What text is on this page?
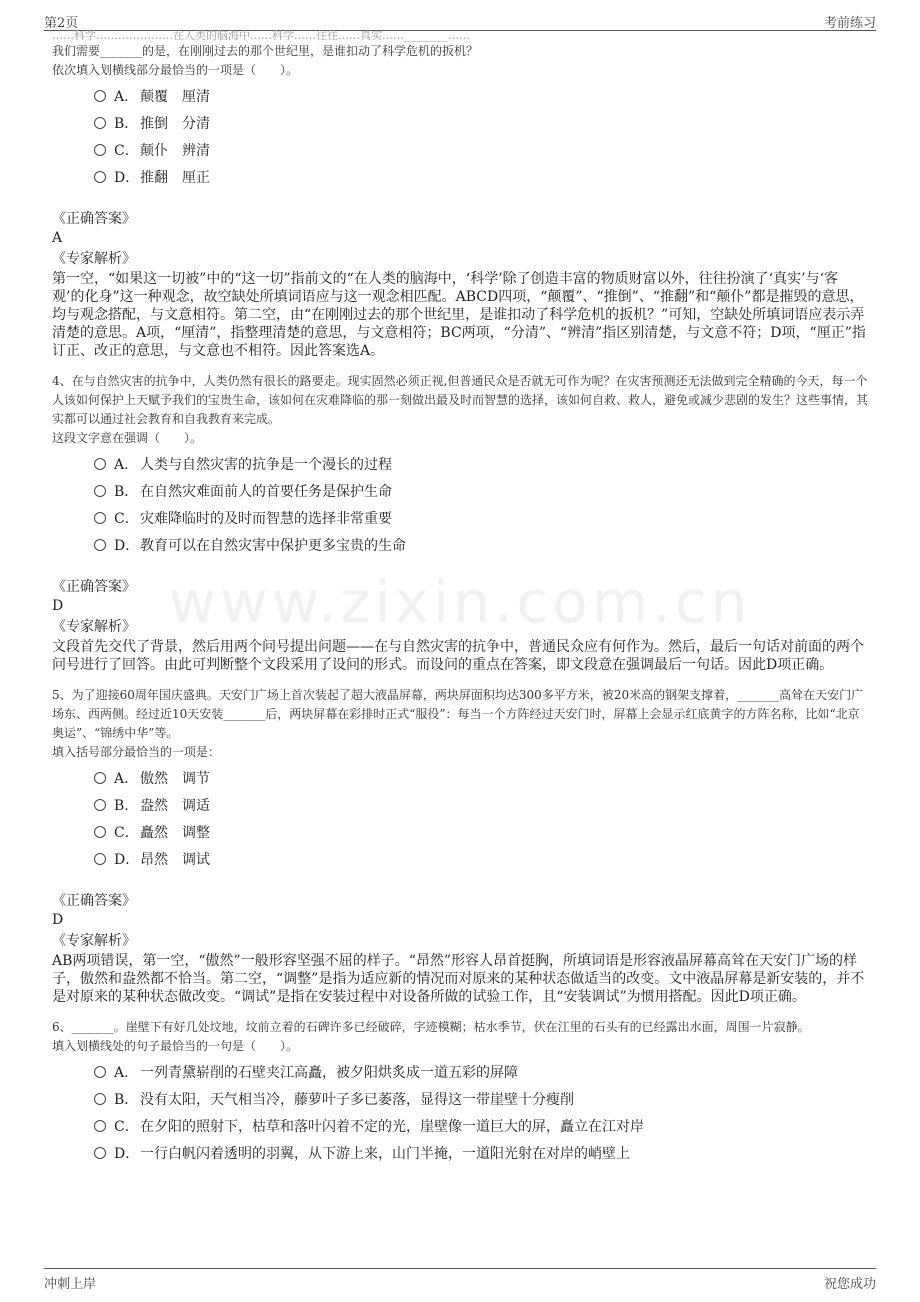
第2页	考前练习
www.zixin.com.cn
……科学…………………在人类的脑海中……科学……往往……真实……________……

我们需要_______的是，在刚刚过去的那个世纪里，是谁扣动了科学危机的扳机？

依次填入划横线部分最恰当的一项是（　　）。

A． 颠覆　厘清
B． 推倒　分清
C．颠仆　辨清
D．推翻　厘正
《正确答案》
A
《专家解析》
第一空，“如果这一切被”中的“这一切”指前文的“在人类的脑海中，‘科学’除了创造丰富的物质财富以外，往往扮演了‘真实’与‘客观’的化身”这一种观念，故空缺处所填词语应与这一观念相匹配。ABCD四项，“颠覆”、“推倒”、“推翻”和“颠仆”都是摧毁的意思，均与观念搭配，与文意相符。第二空，由“在刚刚过去的那个世纪里，是谁扣动了科学危机的扳机？”可知，空缺处所填词语应表示弄清楚的意思。A项，“厘清”，指整理清楚的意思，与文意相符；BC两项，“分清”、“辨清”指区别清楚，与文意不符；D项，“厘正”指订正、改正的意思，与文意也不相符。因此答案选A。

4、在与自然灾害的抗争中，人类仍然有很长的路要走。现实固然必须正视,但普通民众是否就无可作为呢？在灾害预测还无法做到完全精确的今天，每一个人该如何保护上天赋予我们的宝贵生命，该如何在灾难降临的那一刻做出最及时而智慧的选择，该如何自救、救人，避免或减少悲剧的发生？这些事情，其实都可以通过社会教育和自我教育来完成。

这段文字意在强调（　　）。

A． 人类与自然灾害的抗争是一个漫长的过程
B． 在自然灾难面前人的首要任务是保护生命
C．灾难降临时的及时而智慧的选择非常重要
D．教育可以在自然灾害中保护更多宝贵的生命
《正确答案》
D
《专家解析》
文段首先交代了背景，然后用两个问号提出问题——在与自然灾害的抗争中，普通民众应有何作为。然后，最后一句话对前面的两个问号进行了回答。由此可判断整个文段采用了设问的形式。而设问的重点在答案，即文段意在强调最后一句话。因此D项正确。

5、为了迎接60周年国庆盛典。天安门广场上首次装起了超大液晶屏幕，两块屏面积均达300多平方米，被20米高的钢架支撑着，_______高耸在天安门广场东、西两侧。经过近10天安装_______后，两块屏幕在彩排时正式“服役”：每当一个方阵经过天安门时，屏幕上会显示红底黄字的方阵名称，比如“北京奥运”、“锦绣中华”等。

填入括号部分最恰当的一项是：

A． 傲然　调节
B． 盎然　调适
C．矗然　调整
D．昂然　调试
《正确答案》
D
《专家解析》
AB两项错误，第一空，“傲然”一般形容坚强不屈的样子。“昂然”形容人昂首挺胸，所填词语是形容液晶屏幕高耸在天安门广场的样子，傲然和盎然都不恰当。第二空，“调整”是指为适应新的情况而对原来的某种状态做适当的改变。文中液晶屏幕是新安装的，并不是对原来的某种状态做改变。“调试”是指在安装过程中对设备所做的试验工作，且“安装调试”为惯用搭配。因此D项正确。

6、_______。崖壁下有好几处坟地，坟前立着的石碑许多已经破碎，字迹模糊；枯水季节，伏在江里的石头有的已经露出水面，周围一片寂静。

填入划横线处的句子最恰当的一句是（　　）。

A． 一列青黛崭削的石壁夹江高矗，被夕阳烘炙成一道五彩的屏障
B． 没有太阳，天气相当冷，藤萝叶子多已萎落，显得这一带崖壁十分瘦削
C．在夕阳的照射下，枯草和落叶闪着不定的光，崖壁像一道巨大的屏，矗立在江对岸
D．一行白帆闪着透明的羽翼，从下游上来，山门半掩，一道阳光射在对岸的峭壁上
冲刺上岸	祝您成功
